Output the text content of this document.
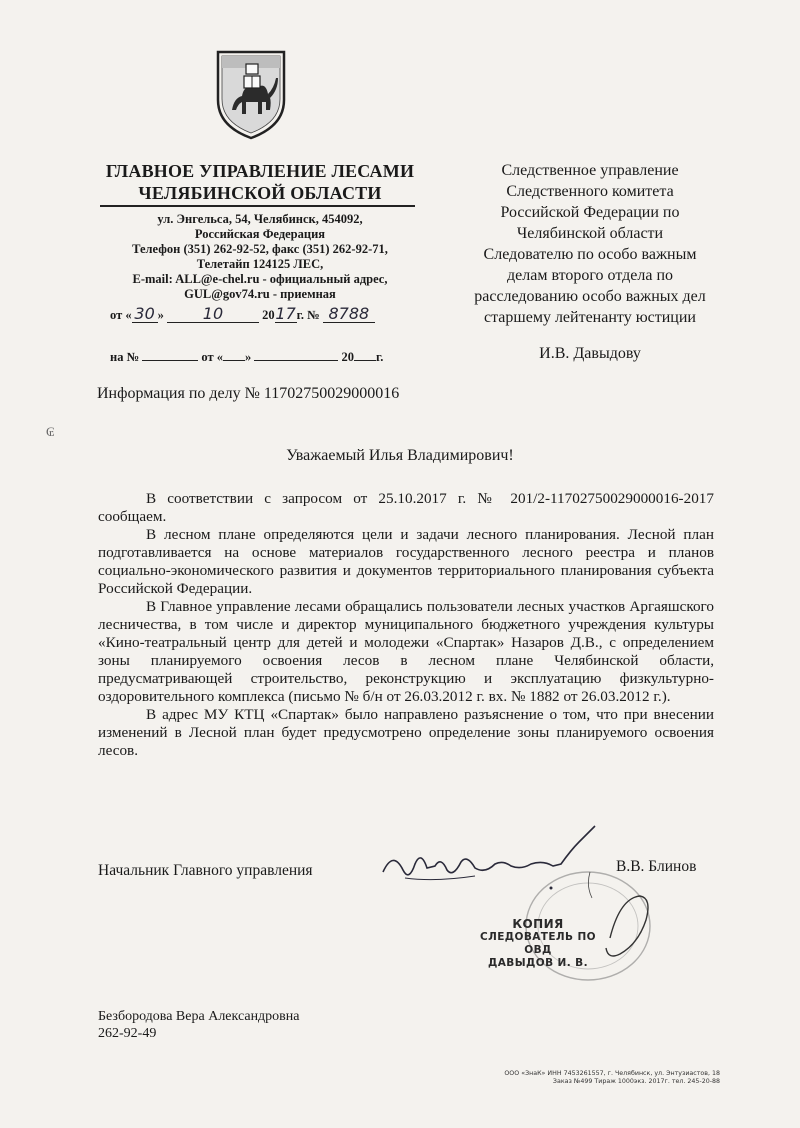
ГЛАВНОЕ УПРАВЛЕНИЕ ЛЕСАМИ
ЧЕЛЯБИНСКОЙ ОБЛАСТИ
ул. Энгельса, 54, Челябинск, 454092,
Российская Федерация
Телефон (351) 262-92-52, факс (351) 262-92-71,
Телетайп 124125 ЛЕС,
E-mail: ALL@e-chel.ru - официальный адрес,
GUL@gov74.ru - приемная
от « 30 » 10	2017г. № 8788
на №	от « »	20 г.
Следственное управление
Следственного комитета
Российской Федерации по
Челябинской области
Следователю по особо важным
делам второго отдела по
расследованию особо важных дел
старшему лейтенанту юстиции
И.В. Давыдову
₢
Информация по делу № 11702750029000016
Уважаемый Илья Владимирович!

В соответствии с запросом от 25.10.2017 г. № 201/2-11702750029000016-2017 сообщаем.

В лесном плане определяются цели и задачи лесного планирования. Лесной план подготавливается на основе материалов государственного лесного реестра и планов социально-экономического развития и документов территориального планирования субъекта Российской Федерации.

В Главное управление лесами обращались пользователи лесных участков Аргаяшского лесничества, в том числе и директор муниципального бюджетного учреждения культуры «Кино-театральный центр для детей и молодежи «Спартак» Назаров Д.В., с определением зоны планируемого освоения лесов в лесном плане Челябинской области, предусматривающей строительство, реконструкцию и эксплуатацию физкультурно-оздоровительного комплекса (письмо № б/н от 26.03.2012 г. вх. № 1882 от 26.03.2012 г.).

В адрес МУ КТЦ «Спартак» было направлено разъяснение о том, что при внесении изменений в Лесной план будет предусмотрено определение зоны планируемого освоения лесов.

Начальник Главного управления	В.В. Блинов
КОПИЯ
СЛЕДОВАТЕЛЬ ПО ОВД
ДАВЫДОВ И. В.
Безбородова Вера Александровна
262-92-49
ООО «ЗнаК» ИНН 7453261557, г. Челябинск, ул. Энтузиастов, 18
Заказ №499 Тираж 1000экз. 2017г. тел. 245-20-88
